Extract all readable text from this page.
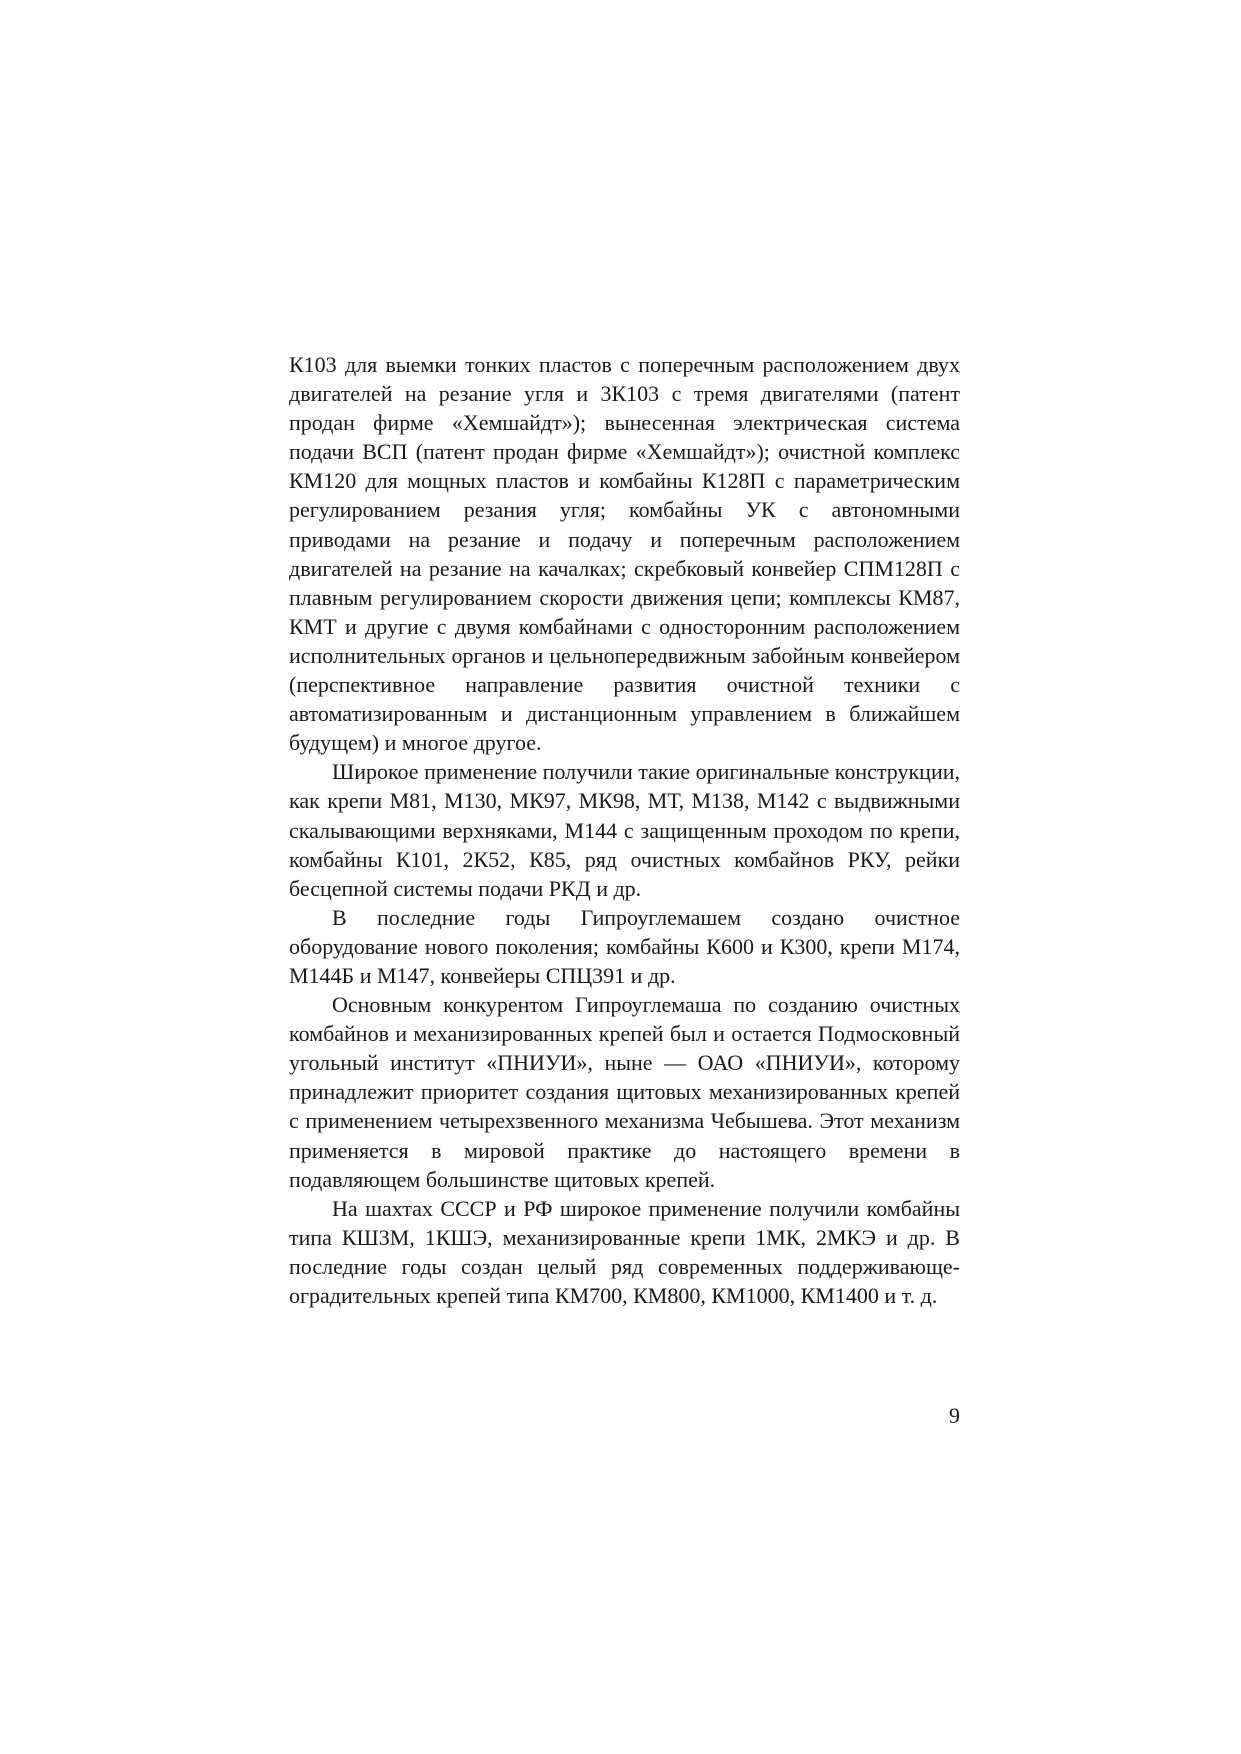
К103 для выемки тонких пластов с поперечным расположением двух двигателей на резание угля и 3К103 с тремя двигателями (патент продан фирме «Хемшайдт»); вынесенная электрическая система подачи ВСП (патент продан фирме «Хемшайдт»); очистной комплекс КМ120 для мощных пластов и комбайны К128П с параметрическим регулированием резания угля; комбайны УК с автономными приводами на резание и подачу и поперечным расположением двигателей на резание на качалках; скребковый конвейер СПМ128П с плавным регулированием скорости движения цепи; комплексы КМ87, КМТ и другие с двумя комбайнами с односторонним расположением исполнительных органов и цельнопередвижным забойным конвейером (перспективное направление развития очистной техники с автоматизированным и дистанционным управлением в ближайшем будущем) и многое другое.

Широкое применение получили такие оригинальные конструкции, как крепи М81, М130, МК97, МК98, МТ, М138, М142 с выдвижными скалывающими верхняками, М144 с защищенным проходом по крепи, комбайны К101, 2К52, К85, ряд очистных комбайнов РКУ, рейки бесцепной системы подачи РКД и др.

В последние годы Гипроуглемашем создано очистное оборудование нового поколения; комбайны К600 и К300, крепи М174, М144Б и М147, конвейеры СПЦ391 и др.

Основным конкурентом Гипроуглемаша по созданию очистных комбайнов и механизированных крепей был и остается Подмосковный угольный институт «ПНИУИ», ныне — ОАО «ПНИУИ», которому принадлежит приоритет создания щитовых механизированных крепей с применением четырехзвенного механизма Чебышева. Этот механизм применяется в мировой практике до настоящего времени в подавляющем большинстве щитовых крепей.

На шахтах СССР и РФ широкое применение получили комбайны типа КШ3М, 1КШЭ, механизированные крепи 1МК, 2МКЭ и др. В последние годы создан целый ряд современных поддерживающе-оградительных крепей типа КМ700, КМ800, КМ1000, КМ1400 и т. д.

9
